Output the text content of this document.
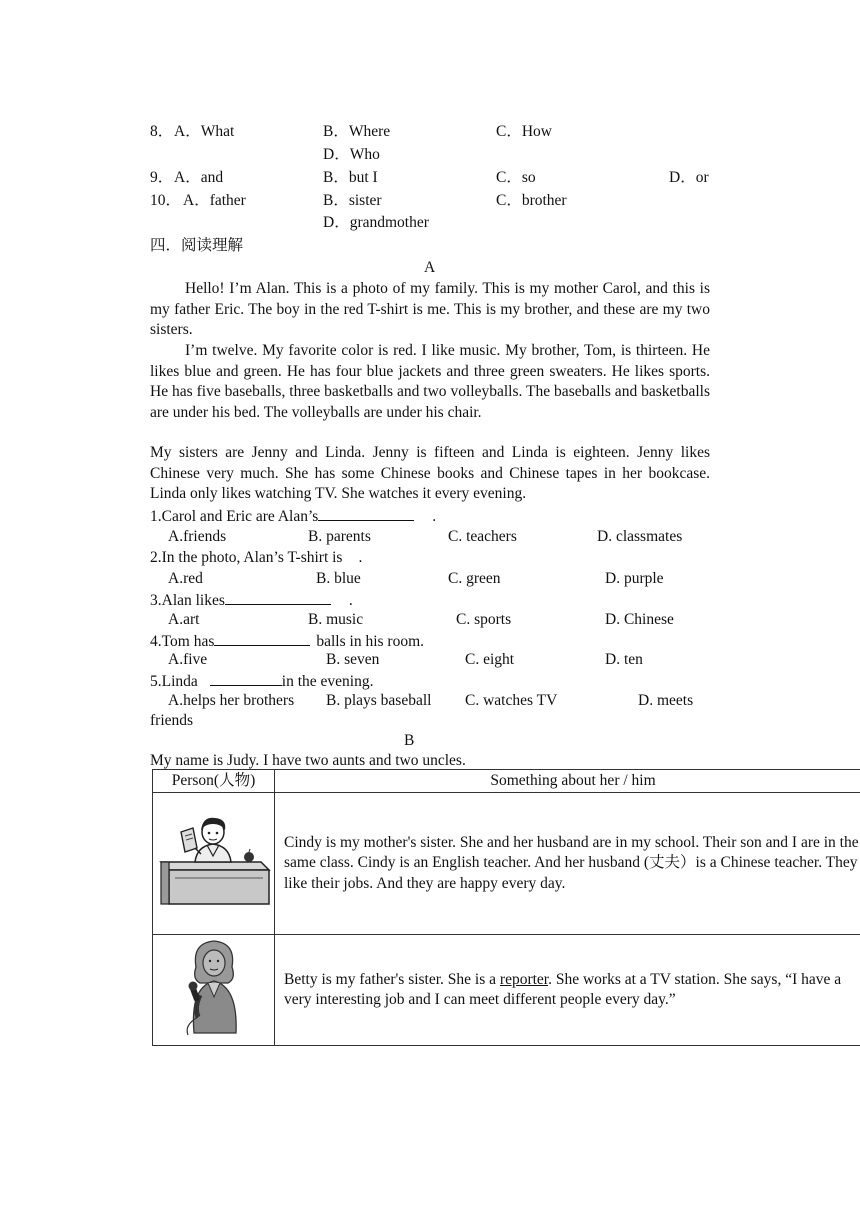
8． A．What	B．Where	C．How
D．Who
9． A．and	B．but I	C．so	D．or
10． A．father	B．sister	C．brother
D．grandmother
四．阅读理解
A
Hello! I’m Alan. This is a photo of my family. This is my mother Carol, and this is my father Eric. The boy in the red T-shirt is me. This is my brother, and these are my two sisters.
I’m twelve. My favorite color is red. I like music. My brother, Tom, is thirteen. He likes blue and green. He has four blue jackets and three green sweaters. He likes sports. He has five baseballs, three basketballs and two volleyballs. The baseballs and basketballs are under his bed. The volleyballs are under his chair.
My sisters are Jenny and Linda. Jenny is fifteen and Linda is eighteen. Jenny likes Chinese very much. She has some Chinese books and Chinese tapes in her bookcase. Linda only likes watching TV. She watches it every evening.
1.Carol and Eric are Alan’s	.
A.friends	B. parents	C. teachers	D. classmates
2.In the photo, Alan’s T-shirt is .
A.red	B. blue	C. green	D. purple
3.Alan likes	.
A.art	B. music	C. sports	D. Chinese
4.Tom has	balls in his room.
A.five	B. seven	C. eight	D. ten
5.Linda	in the evening.
A.helps her brothers B. plays baseball C. watches TV	D. meets
friends
B
My name is Judy. I have two aunts and two uncles.
Person(人物)	Something about her / him
	Cindy is my mother's sister. She and her husband are in my school. Their son and I are in the same class. Cindy is an English teacher. And her husband (丈夫）is a Chinese teacher. They like their jobs. And they are happy every day.
	Betty is my father's sister. She is a reporter. She works at a TV station. She says, “I have a very interesting job and I can meet different people every day.”
